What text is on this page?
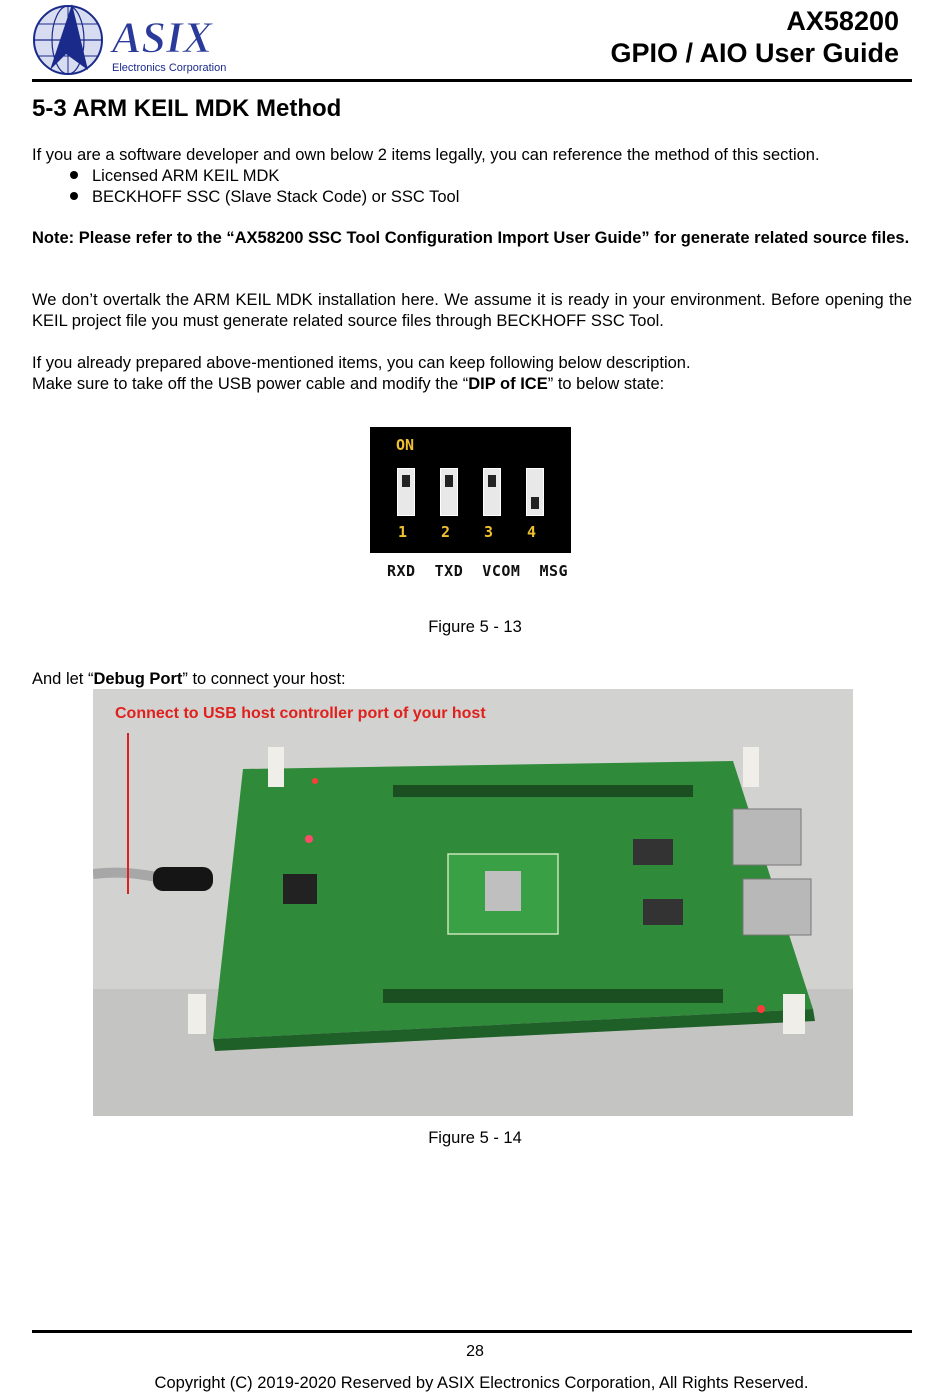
ASIX
Electronics Corporation
AX58200
GPIO / AIO User Guide
5-3 ARM KEIL MDK Method
If you are a software developer and own below 2 items legally, you can reference the method of this section.
Licensed ARM KEIL MDK
BECKHOFF SSC (Slave Stack Code) or SSC Tool
Note: Please refer to the “AX58200 SSC Tool Configuration Import User Guide” for generate related source files.
We don’t overtalk the ARM KEIL MDK installation here. We assume it is ready in your environment. Before opening the KEIL project file you must generate related source files through BECKHOFF SSC Tool.
If you already prepared above-mentioned items, you can keep following below description.
Make sure to take off the USB power cable and modify the “DIP of ICE” to below state:
ON
1 2 3 4
RXD  TXD  VCOM  MSG
Figure 5 - 13
And let “Debug Port” to connect your host:
Connect to USB host controller port of your host
Figure 5 - 14
28
Copyright (C) 2019-2020 Reserved by ASIX Electronics Corporation, All Rights Reserved.
